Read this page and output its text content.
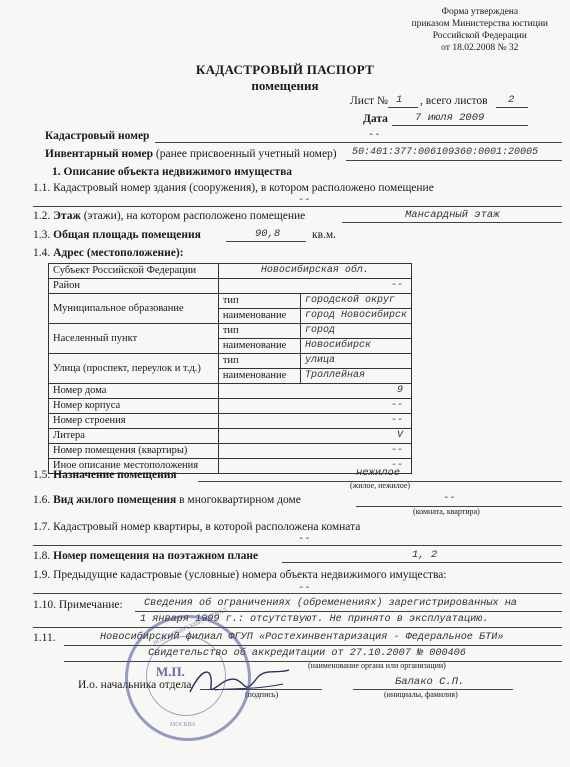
Форма утверждена
приказом Министерства юстиции
Российской Федерации
от 18.02.2008 № 32
КАДАСТРОВЫЙ ПАСПОРТ
помещения
Лист № 1 , всего листов 2
Дата	7 июля 2009
Кадастровый номер	--
Инвентарный номер (ранее присвоенный учетный номер) 50:401:377:006109360:0001:20005
1. Описание объекта недвижимого имущества
1.1. Кадастровый номер здания (сооружения), в котором расположено помещение
--
1.2. Этаж (этажи), на котором расположено помещение	Мансардный этаж
1.3. Общая площадь помещения	90,8	кв.м.
1.4. Адрес (местоположение):
Субъект Российской Федерации	Новосибирская обл.	
Район	--	
Муниципальное образование	тип	городской округ
	наименование	город Новосибирск
Населенный пункт	тип	город
	наименование	Новосибирск
Улица (проспект, переулок и т.д.)	тип	улица
	наименование	Троллейная
Номер дома	9	
Номер корпуса	--	
Номер строения	--	
Литера	V	
Номер помещения (квартиры)	--	
Иное описание местоположения	--	
1.5. Назначение помещения	нежилое
(жилое, нежилое)
1.6. Вид жилого помещения в многоквартирном доме	--
(комната, квартира)
1.7. Кадастровый номер квартиры, в которой расположена комната
--
1.8. Номер помещения на поэтажном плане	1, 2
1.9. Предыдущие кадастровые (условные) номера объекта недвижимого имущества:
--
1.10. Примечание: Сведения об ограничениях (обременениях) зарегистрированных на
1 января 1999 г.: отсутствуют. Не принято в эксплуатацию.
1.11.	Новосибирский филиал ФГУП «Ростехинвентаризация - Федеральное БТИ»
Свидетельство об аккредитации от 27.10.2007 № 000406
(наименование органа или организации)
И.о. начальника отдела
(подпись)
Балако С.П.
(инициалы, фамилия)
М.П.
НОВОСИБИРСКИЙ ФИЛИАЛ
МОСКВА
